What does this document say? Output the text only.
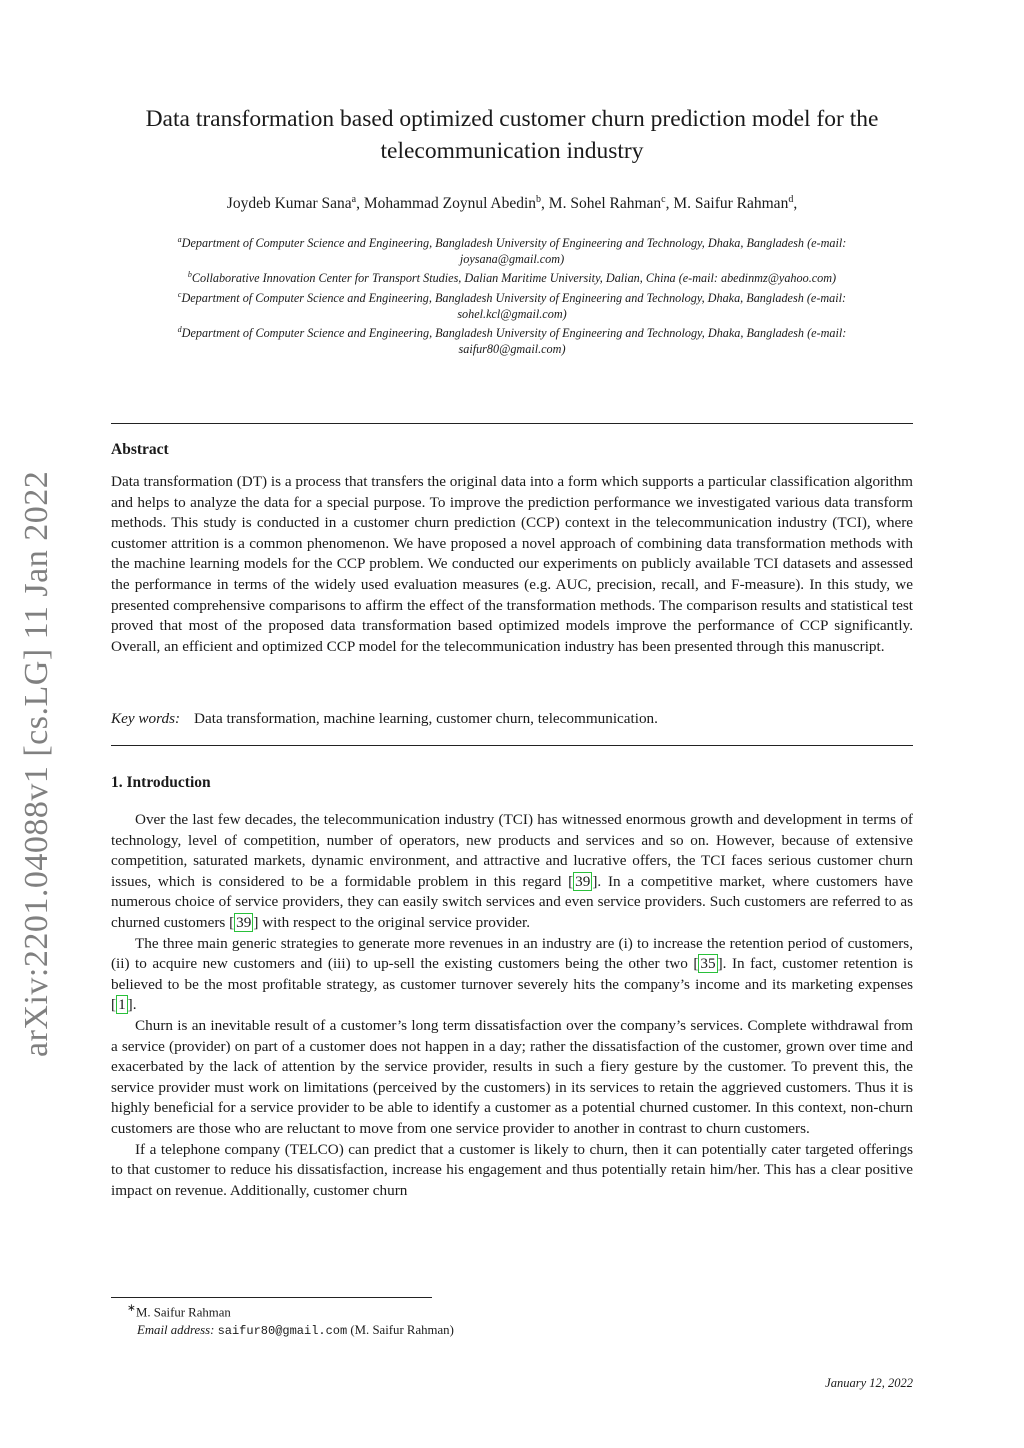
arXiv:2201.04088v1 [cs.LG] 11 Jan 2022
Data transformation based optimized customer churn prediction model for the telecommunication industry
Joydeb Kumar Sana$^a$, Mohammad Zoynul Abedin$^b$, M. Sohel Rahman$^c$, M. Saifur Rahman$^d$,

$^a$Department of Computer Science and Engineering, Bangladesh University of Engineering and Technology, Dhaka, Bangladesh (e-mail: joysana@gmail.com)

$^b$Collaborative Innovation Center for Transport Studies, Dalian Maritime University, Dalian, China (e-mail: abedinmz@yahoo.com)

$^c$Department of Computer Science and Engineering, Bangladesh University of Engineering and Technology, Dhaka, Bangladesh (e-mail: sohel.kcl@gmail.com)

$^d$Department of Computer Science and Engineering, Bangladesh University of Engineering and Technology, Dhaka, Bangladesh (e-mail: saifur80@gmail.com)

Abstract

Data transformation (DT) is a process that transfers the original data into a form which supports a particular classification algorithm and helps to analyze the data for a special purpose. To improve the prediction performance we investigated various data transform methods. This study is conducted in a customer churn prediction (CCP) context in the telecommunication industry (TCI), where customer attrition is a common phenomenon. We have proposed a novel approach of combining data transformation methods with the machine learning models for the CCP problem. We conducted our experiments on publicly available TCI datasets and assessed the performance in terms of the widely used evaluation measures (e.g. AUC, precision, recall, and F-measure). In this study, we presented comprehensive comparisons to affirm the effect of the transformation methods. The comparison results and statistical test proved that most of the proposed data transformation based optimized models improve the performance of CCP significantly. Overall, an efficient and optimized CCP model for the telecommunication industry has been presented through this manuscript.

Key words: Data transformation, machine learning, customer churn, telecommunication.
1. Introduction

Over the last few decades, the telecommunication industry (TCI) has witnessed enormous growth and development in terms of technology, level of competition, number of operators, new products and services and so on. However, because of extensive competition, saturated markets, dynamic environment, and attractive and lucrative offers, the TCI faces serious customer churn issues, which is considered to be a formidable problem in this regard [ 39 ]. In a competitive market, where customers have numerous choice of service providers, they can easily switch services and even service providers. Such customers are referred to as churned customers [ 39 ] with respect to the original service provider.

The three main generic strategies to generate more revenues in an industry are (i) to increase the retention period of customers, (ii) to acquire new customers and (iii) to up-sell the existing customers being the other two [ 35 ]. In fact, customer retention is believed to be the most profitable strategy, as customer turnover severely hits the company’s income and its marketing expenses [ 1 ].

Churn is an inevitable result of a customer’s long term dissatisfaction over the company’s services. Complete withdrawal from a service (provider) on part of a customer does not happen in a day; rather the dissatisfaction of the customer, grown over time and exacerbated by the lack of attention by the service provider, results in such a fiery gesture by the customer. To prevent this, the service provider must work on limitations (perceived by the customers) in its services to retain the aggrieved customers. Thus it is highly beneficial for a service provider to be able to identify a customer as a potential churned customer. In this context, non-churn customers are those who are reluctant to move from one service provider to another in contrast to churn customers.

If a telephone company (TELCO) can predict that a customer is likely to churn, then it can potentially cater targeted offerings to that customer to reduce his dissatisfaction, increase his engagement and thus potentially retain him/her. This has a clear positive impact on revenue. Additionally, customer churn

∗M. Saifur Rahman
Email address: saifur80@gmail.com (M. Saifur Rahman)
January 12, 2022
